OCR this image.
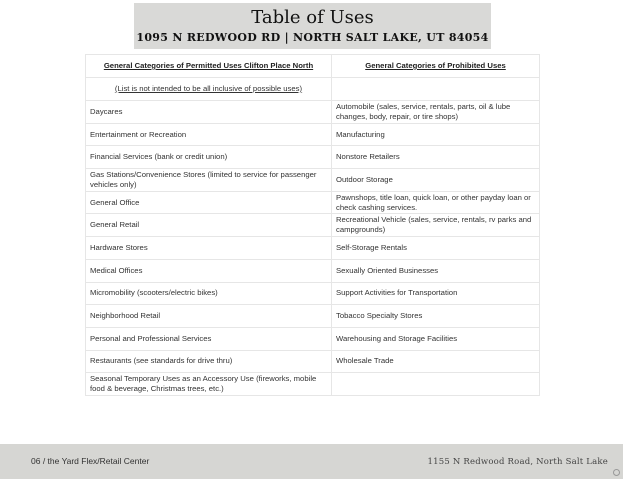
Table of Uses
1095 N REDWOOD RD | NORTH SALT LAKE, UT 84054
General Categories of Permitted Uses Clifton Place North	General Categories of Prohibited Uses
(List is not intended to be all inclusive of possible uses)	
Daycares	Automobile (sales, service, rentals, parts, oil & lube changes, body, repair, or tire shops)
Entertainment or Recreation	Manufacturing
Financial Services (bank or credit union)	Nonstore Retailers
Gas Stations/Convenience Stores (limited to service for passenger vehicles only)	Outdoor Storage
General Office	Pawnshops, title loan, quick loan, or other payday loan or check cashing services.
General Retail	Recreational Vehicle (sales, service, rentals, rv parks and campgrounds)
Hardware Stores	Self-Storage Rentals
Medical Offices	Sexually Oriented Businesses
Micromobility (scooters/electric bikes)	Support Activities for Transportation
Neighborhood Retail	Tobacco Specialty Stores
Personal and Professional Services	Warehousing and Storage Facilities
Restaurants (see standards for drive thru)	Wholesale Trade
Seasonal Temporary Uses as an Accessory Use (fireworks, mobile food & beverage, Christmas trees, etc.)	
06 / the Yard Flex/Retail Center	1155 N Redwood Road, North Salt Lake
